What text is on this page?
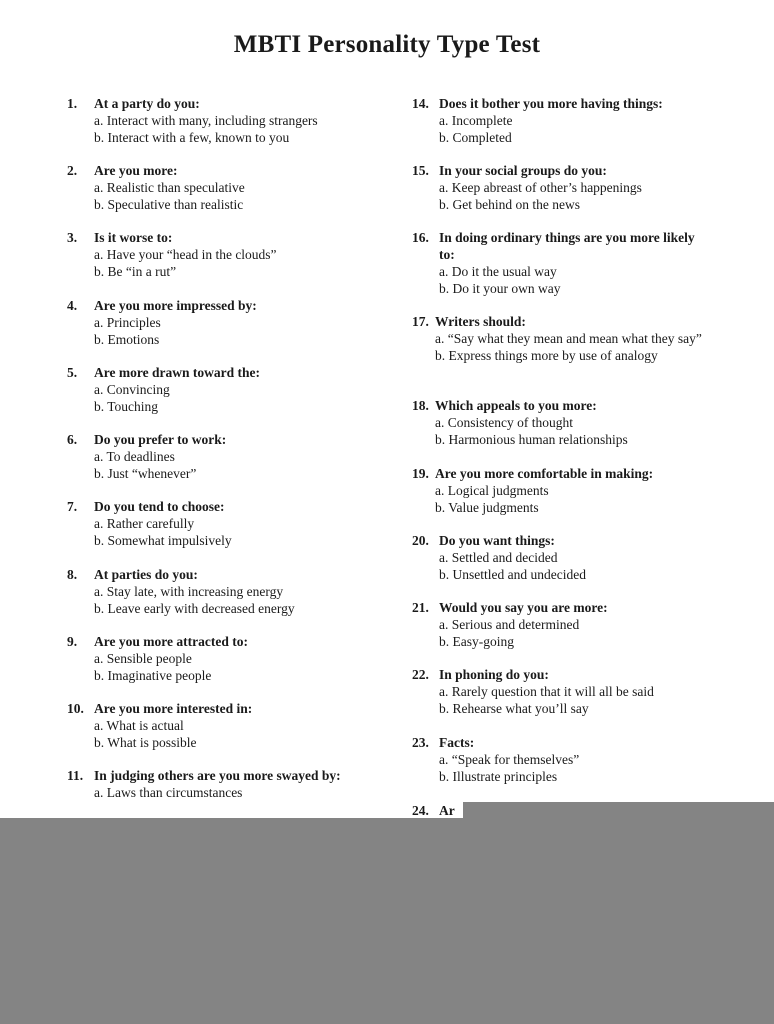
MBTI Personality Type Test
1.	At a party do you:
a. Interact with many, including strangers
b. Interact with a few, known to you
2.	Are you more:
a. Realistic than speculative
b. Speculative than realistic
3.	Is it worse to:
a. Have your “head in the clouds”
b. Be “in a rut”
4.	Are you more impressed by:
a. Principles
b. Emotions
5.	Are more drawn toward the:
a. Convincing
b. Touching
6.	Do you prefer to work:
a. To deadlines
b. Just “whenever”
7.	Do you tend to choose:
a. Rather carefully
b. Somewhat impulsively
8.	At parties do you:
a. Stay late, with increasing energy
b. Leave early with decreased energy
9.	Are you more attracted to:
a. Sensible people
b. Imaginative people
10. Are you more interested in:
a. What is actual
b. What is possible
11. In judging others are you more swayed by:
a. Laws than circumstances
14. Does it bother you more having things:
a. Incomplete
b. Completed
15. In your social groups do you:
a. Keep abreast of other’s happenings
b. Get behind on the news
16. In doing ordinary things are you more likely to:
a. Do it the usual way
b. Do it your own way
17. Writers should:
a. “Say what they mean and mean what they say”
b. Express things more by use of analogy
18. Which appeals to you more:
a. Consistency of thought
b. Harmonious human relationships
19. Are you more comfortable in making:
a. Logical judgments
b. Value judgments
20. Do you want things:
a. Settled and decided
b. Unsettled and undecided
21. Would you say you are more:
a. Serious and determined
b. Easy-going
22. In phoning do you:
a. Rarely question that it will all be said
b. Rehearse what you’ll say
23. Facts:
a. “Speak for themselves”
b. Illustrate principles
24. Ar
